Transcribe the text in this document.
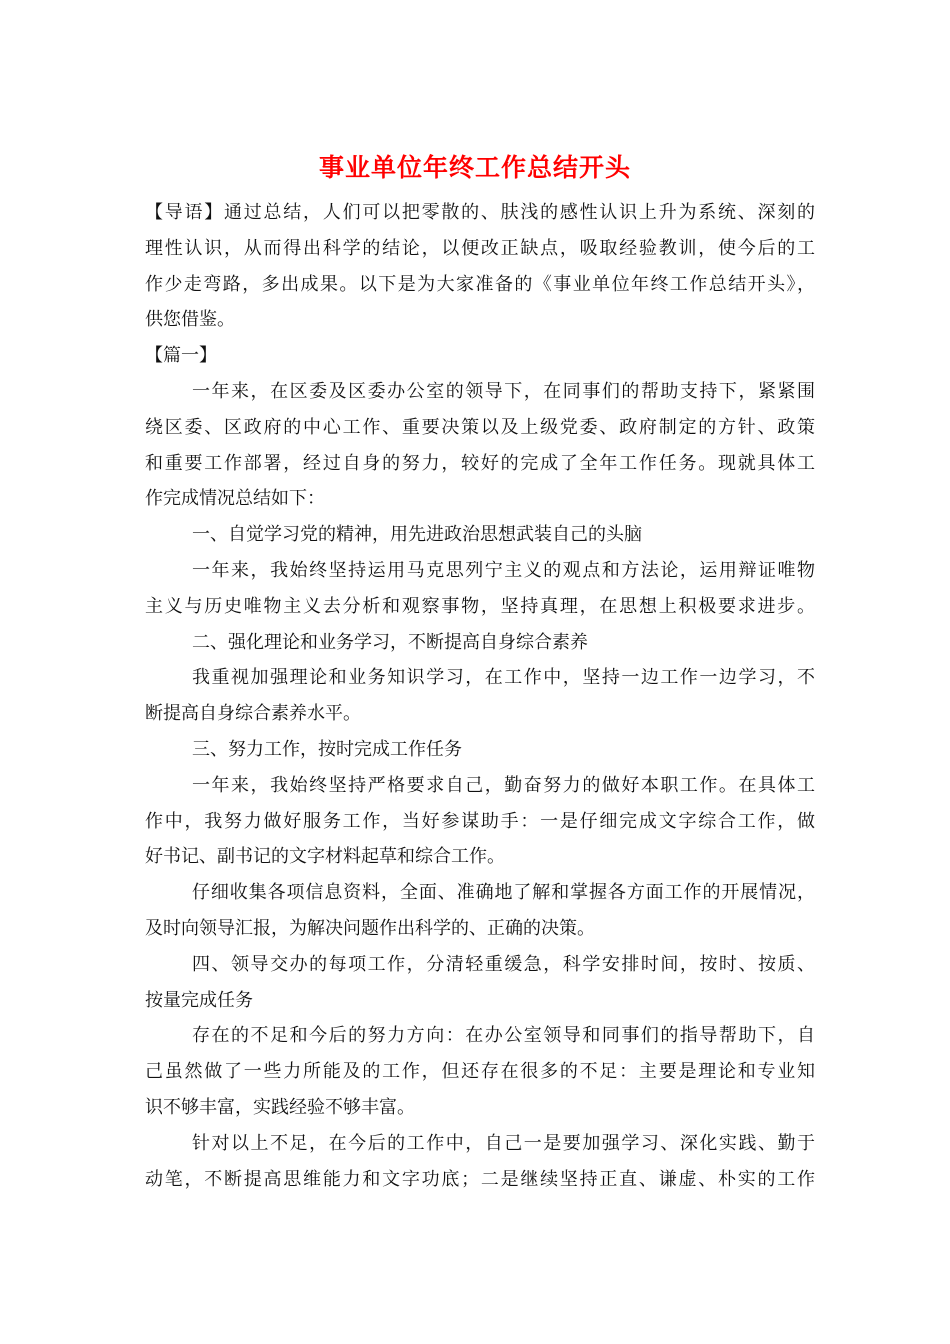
事业单位年终工作总结开头
【导语】通过总结，人们可以把零散的、肤浅的感性认识上升为系统、深刻的
理性认识，从而得出科学的结论，以便改正缺点，吸取经验教训，使今后的工
作少走弯路，多出成果。以下是为大家准备的《事业单位年终工作总结开头》，
供您借鉴。
【篇一】
一年来，在区委及区委办公室的领导下，在同事们的帮助支持下，紧紧围
绕区委、区政府的中心工作、重要决策以及上级党委、政府制定的方针、政策
和重要工作部署，经过自身的努力，较好的完成了全年工作任务。现就具体工
作完成情况总结如下：
一、自觉学习党的精神，用先进政治思想武装自己的头脑
一年来，我始终坚持运用马克思列宁主义的观点和方法论，运用辩证唯物
主义与历史唯物主义去分析和观察事物，坚持真理，在思想上积极要求进步。
二、强化理论和业务学习，不断提高自身综合素养
我重视加强理论和业务知识学习，在工作中，坚持一边工作一边学习，不
断提高自身综合素养水平。
三、努力工作，按时完成工作任务
一年来，我始终坚持严格要求自己，勤奋努力的做好本职工作。在具体工
作中，我努力做好服务工作，当好参谋助手：一是仔细完成文字综合工作，做
好书记、副书记的文字材料起草和综合工作。
仔细收集各项信息资料，全面、准确地了解和掌握各方面工作的开展情况，
及时向领导汇报，为解决问题作出科学的、正确的决策。
四、领导交办的每项工作，分清轻重缓急，科学安排时间，按时、按质、
按量完成任务
存在的不足和今后的努力方向：在办公室领导和同事们的指导帮助下，自
己虽然做了一些力所能及的工作，但还存在很多的不足：主要是理论和专业知
识不够丰富，实践经验不够丰富。
针对以上不足，在今后的工作中，自己一是要加强学习、深化实践、勤于
动笔，不断提高思维能力和文字功底；二是继续坚持正直、谦虚、朴实的工作
